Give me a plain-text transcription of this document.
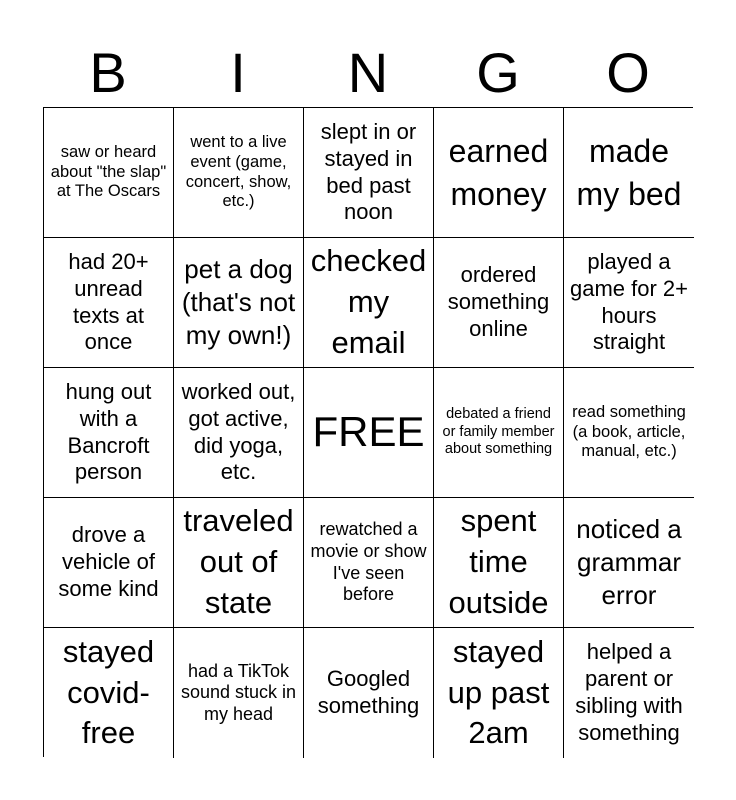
B	I	N	G	O
saw or heard about "the slap" at The Oscars
went to a live event (game, concert, show, etc.)
slept in or stayed in bed past noon
earned money
made my bed
had 20+ unread texts at once
pet a dog (that's not my own!)
checked my email
ordered something online
played a game for 2+ hours straight
hung out with a Bancroft person
worked out, got active, did yoga, etc.
FREE	debated a friend or family member about something
read something (a book, article, manual, etc.)
drove a vehicle of some kind
traveled out of state
rewatched a movie or show I've seen before
spent time outside
noticed a grammar error
stayed covid-free
had a TikTok sound stuck in my head
Googled something
stayed up past 2am
helped a parent or sibling with something
